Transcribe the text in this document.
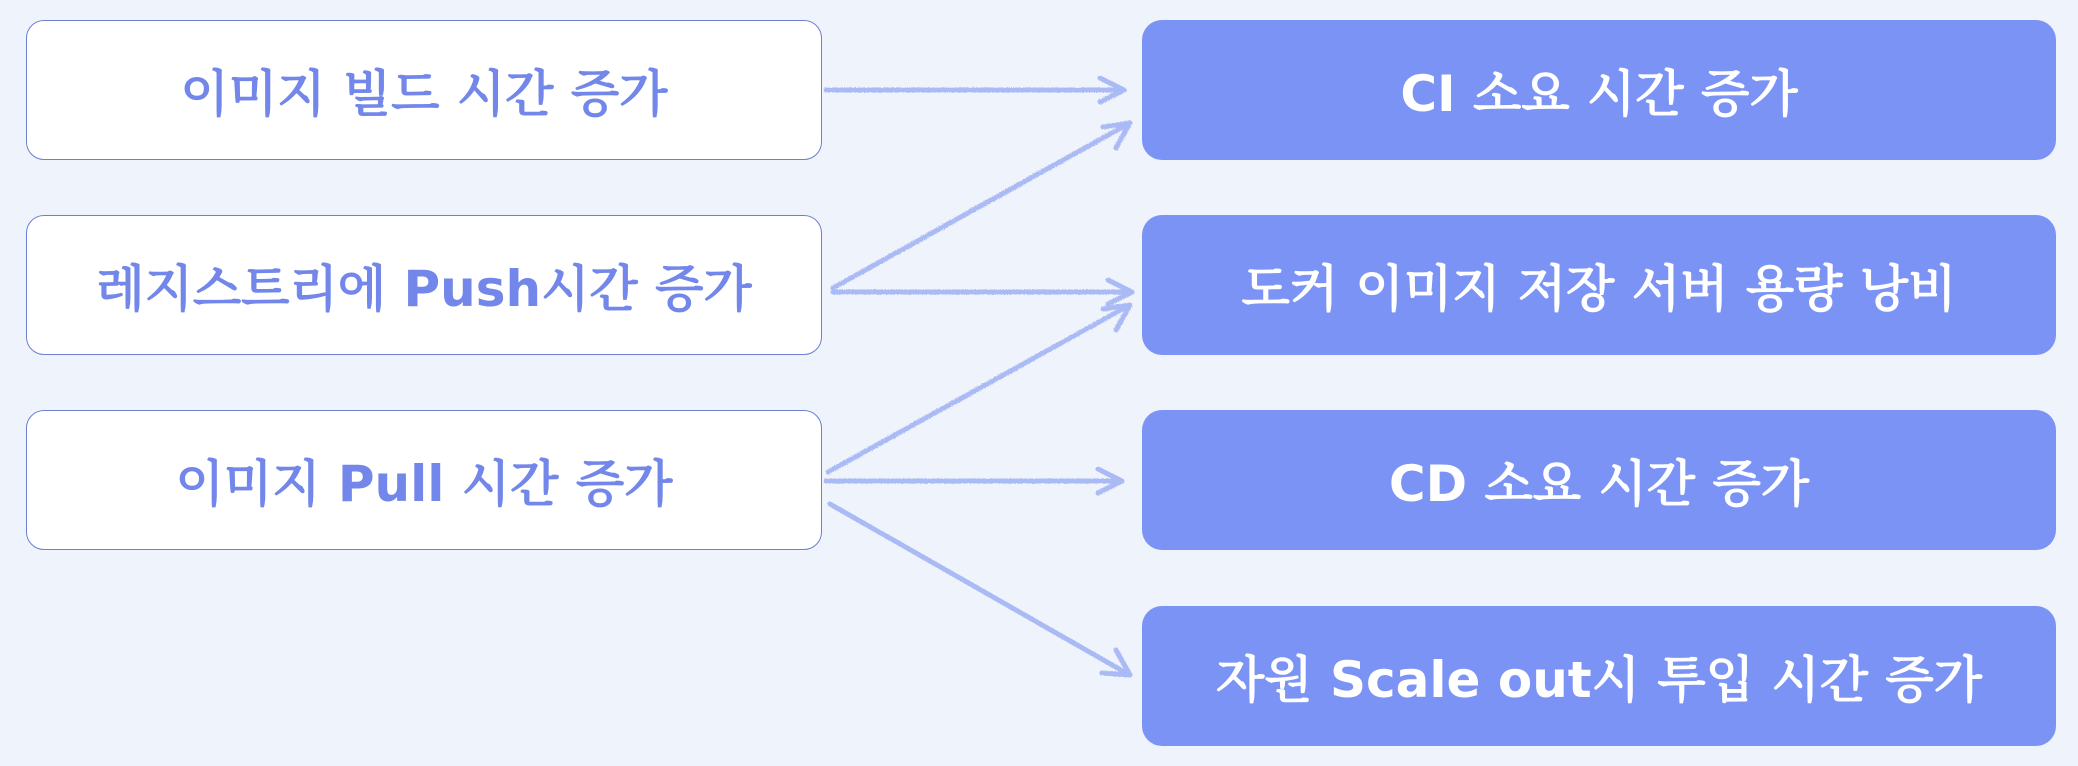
이미지 빌드 시간 증가
레지스트리에 Push시간 증가
이미지 Pull 시간 증가
CI 소요 시간 증가
도커 이미지 저장 서버 용량 낭비
CD 소요 시간 증가
자원 Scale out시 투입 시간 증가
